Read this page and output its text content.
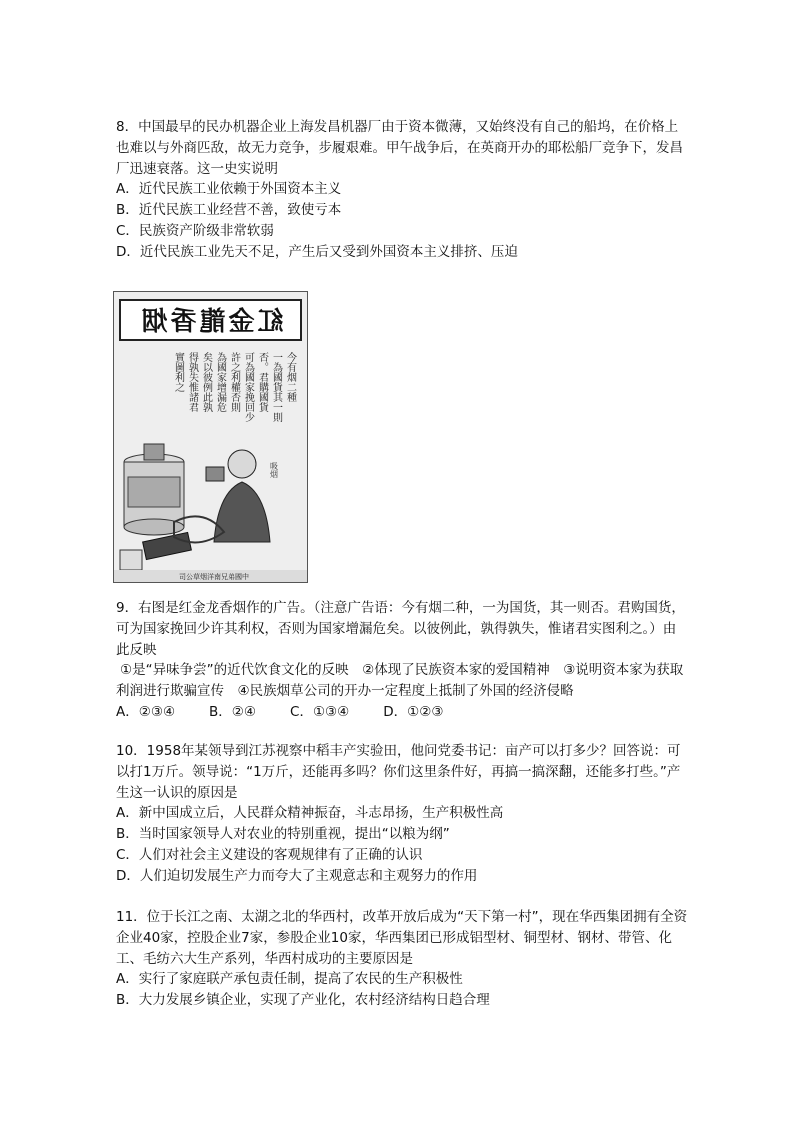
8．中国最早的民办机器企业上海发昌机器厂由于资本微薄，又始终没有自己的船坞，在价格上也难以与外商匹敌，故无力竞争，步履艰难。甲午战争后，在英商开办的耶松船厂竞争下，发昌厂迅速衰落。这一史实说明

A．近代民族工业依赖于外国资本主义
B．近代民族工业经营不善，致使亏本
C．民族资产阶级非常软弱
D．近代民族工业先天不足，产生后又受到外国资本主义排挤、压迫
紅金龍香烟
今有烟二種
一為國貨其一則
否。君購國貨
可為國家挽回少
許之利權否則
為國家增漏危
矣以彼例此孰
得孰失惟諸君
實圖利之
吸烟
司公草烟洋南兄弟國中

9．右图是红金龙香烟作的广告。（注意广告语：今有烟二种，一为国货，其一则否。君购国货，可为国家挽回少许其利权，否则为国家增漏危矣。以彼例此，孰得孰失，惟诸君实图利之。）由此反映

①是“异味争尝”的近代饮食文化的反映　②体现了民族资本家的爱国精神　③说明资本家为获取利润进行欺骗宣传　④民族烟草公司的开办一定程度上抵制了外国的经济侵略

A．②③④	B．②④	C．①③④	D．①②③

10．1958年某领导到江苏视察中稻丰产实验田，他问党委书记：亩产可以打多少？回答说：可以打1万斤。领导说：“1万斤，还能再多吗？你们这里条件好，再搞一搞深翻，还能多打些。”产生这一认识的原因是

A．新中国成立后，人民群众精神振奋，斗志昂扬，生产积极性高
B．当时国家领导人对农业的特别重视，提出“以粮为纲”
C．人们对社会主义建设的客观规律有了正确的认识
D．人们迫切发展生产力而夸大了主观意志和主观努力的作用

11．位于长江之南、太湖之北的华西村，改革开放后成为“天下第一村”，现在华西集团拥有全资企业40家，控股企业7家，参股企业10家，华西集团已形成铝型材、铜型材、钢材、带管、化工、毛纺六大生产系列，华西村成功的主要原因是

A．实行了家庭联产承包责任制，提高了农民的生产积极性
B．大力发展乡镇企业，实现了产业化，农村经济结构日趋合理
